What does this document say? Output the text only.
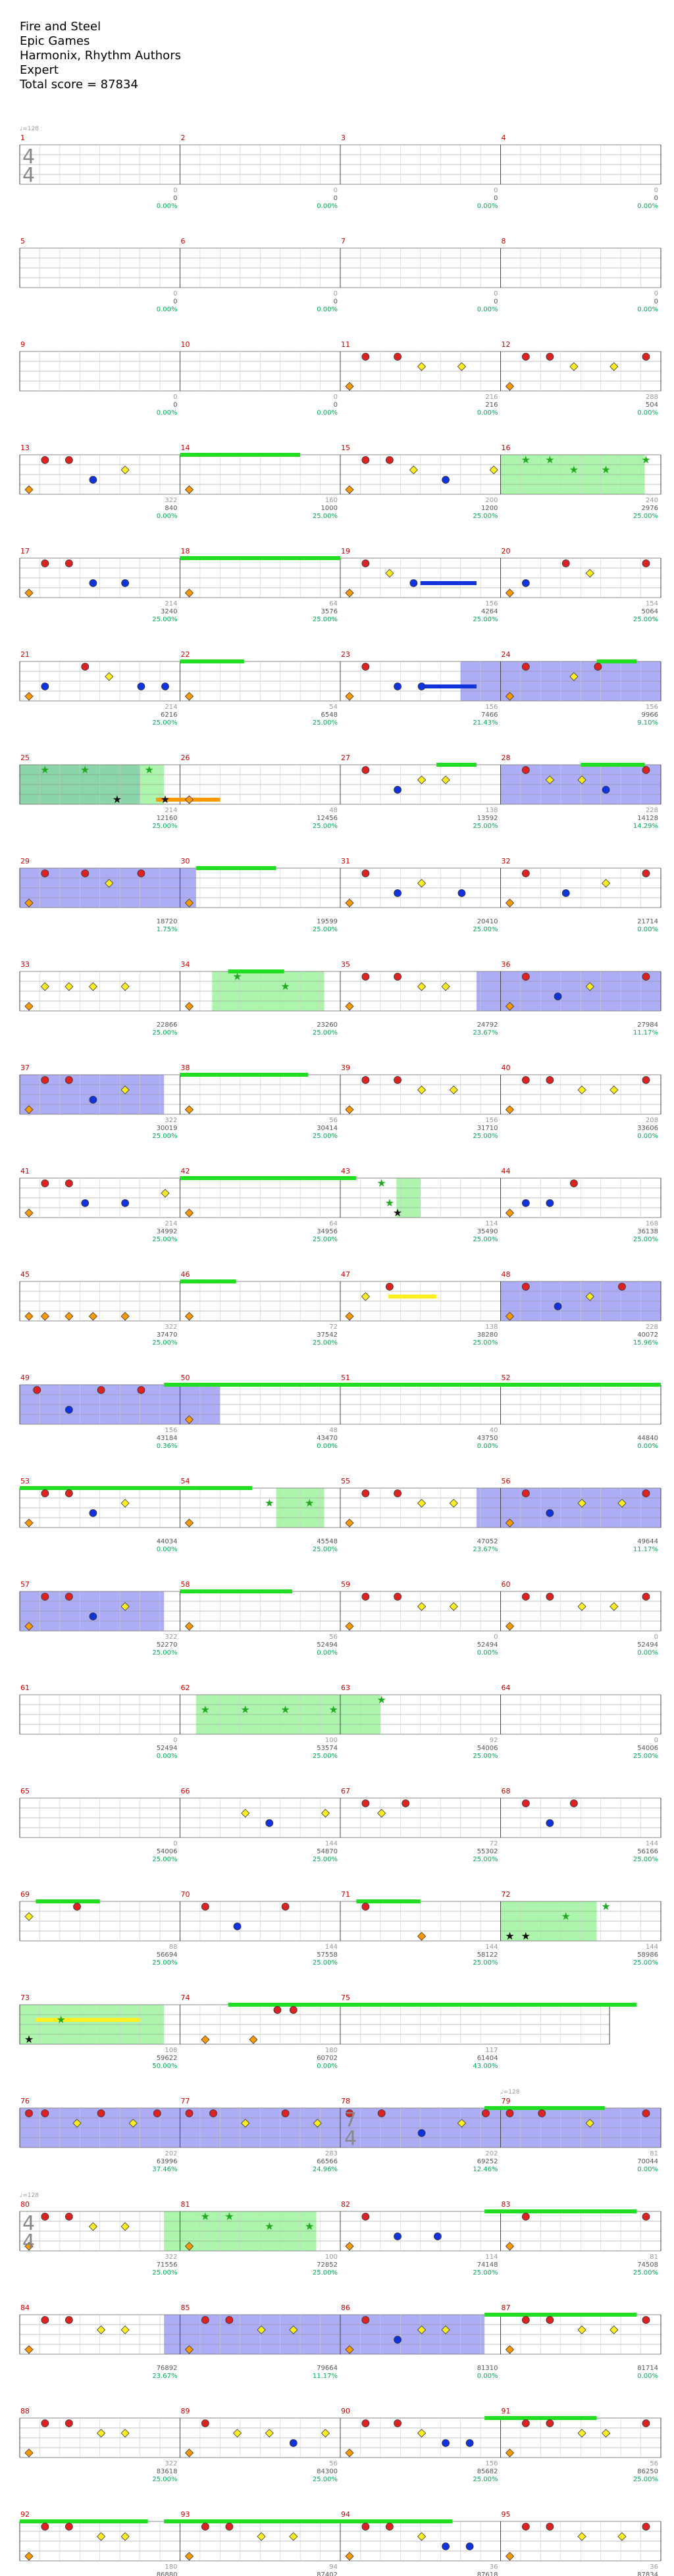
Fire and Steel
Epic Games
Harmonix, Rhythm Authors
Expert
Total score = 87834
1
0
0
0.00%
2
0
0
0.00%
3
0
0
0.00%
4
0
0
0.00%
5
0
0
0.00%
6
0
0
0.00%
7
0
0
0.00%
8
0
0
0.00%
9
0
0
0.00%
10
0
0
0.00%
11
216
216
0.00%
12
288
504
0.00%
★ ★
★ ★
★
13
322
840
0.00%
14
160
1000
25.00%
15
200
1200
25.00%
16
240
2976
25.00%
17
214
3240
25.00%
18
64
3576
25.00%
19
156
4264
25.00%
20
154
5064
25.00%
21
214
6216
25.00%
22
54
6548
25.00%
23
156
7466
21.43%
24
156
9966
9.10%
★	★
★
★
★
25
214
12160
25.00%
26
48
12456
25.00%
27
138
13592
25.00%
28
228
14128
14.29%
29
18720
1.75%
30
19599
25.00%
31
20410
25.00%
32
21714
0.00%
★
★
33
22866
25.00%
34
23260
25.00%
35
24792
23.67%
36
27984
11.17%
37
322
30019
25.00%
38
56
30414
25.00%
39
156
31710
25.00%
40
208
33606
0.00%
★
★
★
41
214
34992
25.00%
42
64
34956
25.00%
43
114
35490
25.00%
44
168
36138
25.00%
45
322
37470
25.00%
46
72
37542
25.00%
47
138
38280
25.00%
48
228
40072
15.96%
49
156
43184
0.36%
50
48
43470
0.00%
51
40
43750
0.00%
52
44840
0.00%
★	★
53
44034
0.00%
54
45548
25.00%
55
47052
23.67%
56
49644
11.17%
57
322
52270
25.00%
58
56
52494
0.00%
59
0
52494
0.00%
60
0
52494
0.00%
★	★	★	★
★
61
0
52494
0.00%
62
100
53574
25.00%
63
92
54006
25.00%
64
0
54006
25.00%
65
0
54006
25.00%
66
144
54870
25.00%
67
72
55302
25.00%
68
144
56166
25.00%
★ ★
★
★
69
88
56694
25.00%
70
144
57558
25.00%
71
144
58122
25.00%
72
144
58986
25.00%
★
★
73
108
59622
50.00%
74
180
60702
0.00%
75
117
61404
43.00%
76
202
63996
37.46%
77
283
66566
24.96%
78
202
69252
12.46%
79
81
70044
0.00%
★ ★
★	★
80
322
71556
25.00%
81
100
72852
25.00%
82
114
74148
25.00%
83
81
74508
25.00%
84
76892
23.67%
85
79664
11.17%
86
81310
0.00%
87
81714
0.00%
88
322
83618
25.00%
89
56
84300
25.00%
90
156
85682
25.00%
91
56
86250
25.00%
92
180
86880
93
94
87402
94
36
87618
95
36
87834
♩=128
♩=128
♩=128
4
4
7
4
4
4
